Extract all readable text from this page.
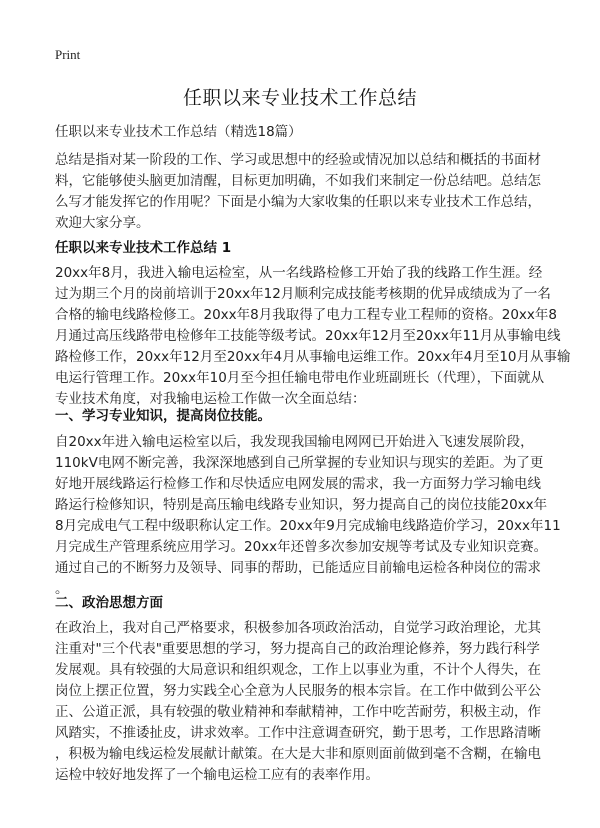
Print
任职以来专业技术工作总结
任职以来专业技术工作总结（精选18篇）
总结是指对某一阶段的工作、学习或思想中的经验或情况加以总结和概括的书面材
料，它能够使头脑更加清醒，目标更加明确，不如我们来制定一份总结吧。总结怎
么写才能发挥它的作用呢？下面是小编为大家收集的任职以来专业技术工作总结，
欢迎大家分享。
任职以来专业技术工作总结 1
20xx年8月，我进入输电运检室，从一名线路检修工开始了我的线路工作生涯。经
过为期三个月的岗前培训于20xx年12月顺利完成技能考核期的优异成绩成为了一名
合格的输电线路检修工。20xx年8月我取得了电力工程专业工程师的资格。20xx年8
月通过高压线路带电检修年工技能等级考试。20xx年12月至20xx年11月从事输电线
路检修工作，20xx年12月至20xx年4月从事输电运维工作。20xx年4月至10月从事输
电运行管理工作。20xx年10月至今担任输电带电作业班副班长（代理），下面就从
专业技术角度，对我输电运检工作做一次全面总结：
一、学习专业知识，提高岗位技能。
自20xx年进入输电运检室以后，我发现我国输电网网已开始进入飞速发展阶段，
110kV电网不断完善，我深深地感到自己所掌握的专业知识与现实的差距。为了更
好地开展线路运行检修工作和尽快适应电网发展的需求，我一方面努力学习输电线
路运行检修知识，特别是高压输电线路专业知识，努力提高自己的岗位技能20xx年
8月完成电气工程中级职称认定工作。20xx年9月完成输电线路造价学习，20xx年11
月完成生产管理系统应用学习。20xx年还曾多次参加安规等考试及专业知识竞赛。
通过自己的不断努力及领导、同事的帮助，已能适应目前输电运检各种岗位的需求
。
二、政治思想方面
在政治上，我对自己严格要求，积极参加各项政治活动，自觉学习政治理论，尤其
注重对"三个代表"重要思想的学习，努力提高自己的政治理论修养，努力践行科学
发展观。具有较强的大局意识和组织观念，工作上以事业为重，不计个人得失，在
岗位上摆正位置，努力实践全心全意为人民服务的根本宗旨。在工作中做到公平公
正、公道正派，具有较强的敬业精神和奉献精神，工作中吃苦耐劳，积极主动，作
风踏实，不推诿扯皮，讲求效率。工作中注意调查研究，勤于思考，工作思路清晰
，积极为输电线运检发展献计献策。在大是大非和原则面前做到毫不含糊，在输电
运检中较好地发挥了一个输电运检工应有的表率作用。
